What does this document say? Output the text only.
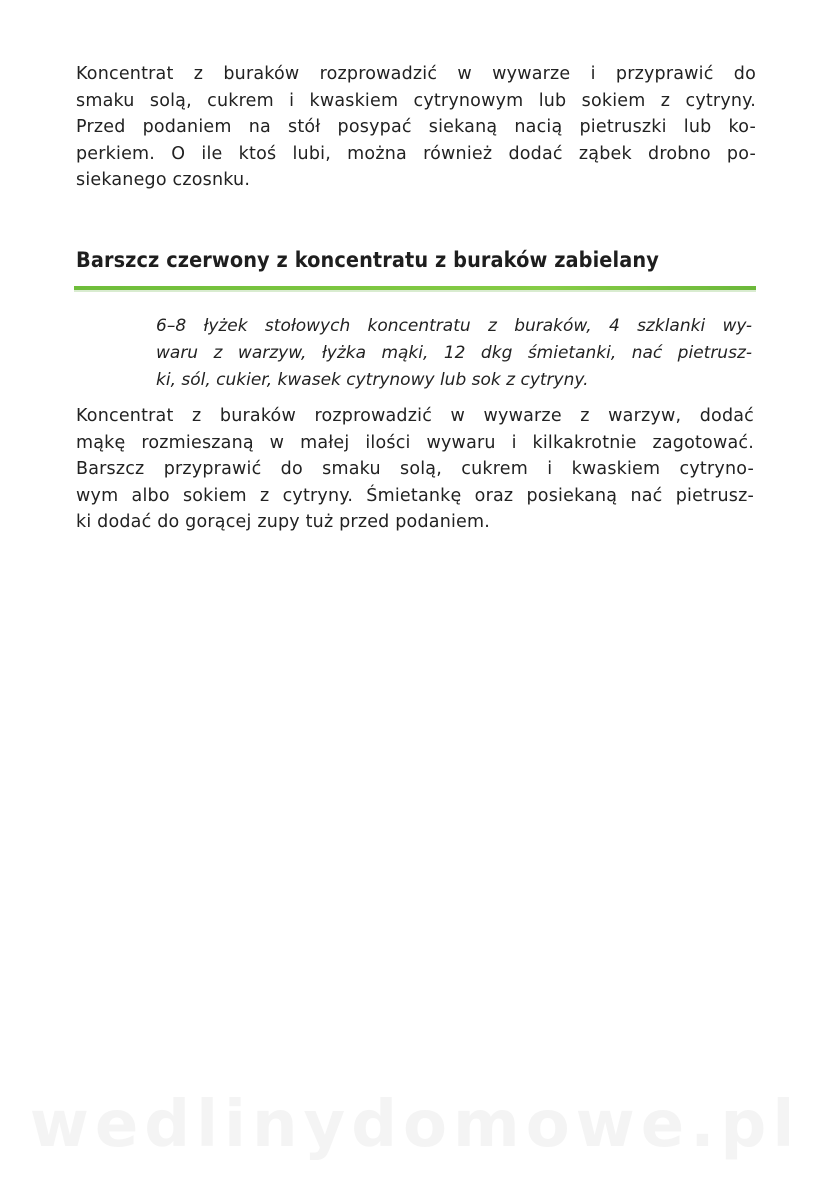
Koncentrat z buraków rozprowadzić w wywarze i przyprawić do
smaku solą, cukrem i kwaskiem cytrynowym lub sokiem z cytryny.
Przed podaniem na stół posypać siekaną nacią pietruszki lub ko-
perkiem. O ile ktoś lubi, można również dodać ząbek drobno po-
siekanego czosnku.

Barszcz czerwony z koncentratu z buraków zabielany

6–8 łyżek stołowych koncentratu z buraków, 4 szklanki wy-
waru z warzyw, łyżka mąki, 12 dkg śmietanki, nać pietrusz-
ki, sól, cukier, kwasek cytrynowy lub sok z cytryny.

Koncentrat z buraków rozprowadzić w wywarze z warzyw, dodać
mąkę rozmieszaną w małej ilości wywaru i kilkakrotnie zagotować.
Barszcz przyprawić do smaku solą, cukrem i kwaskiem cytryno-
wym albo sokiem z cytryny. Śmietankę oraz posiekaną nać pietrusz-
ki dodać do gorącej zupy tuż przed podaniem.

wedlinydomowe.pl
